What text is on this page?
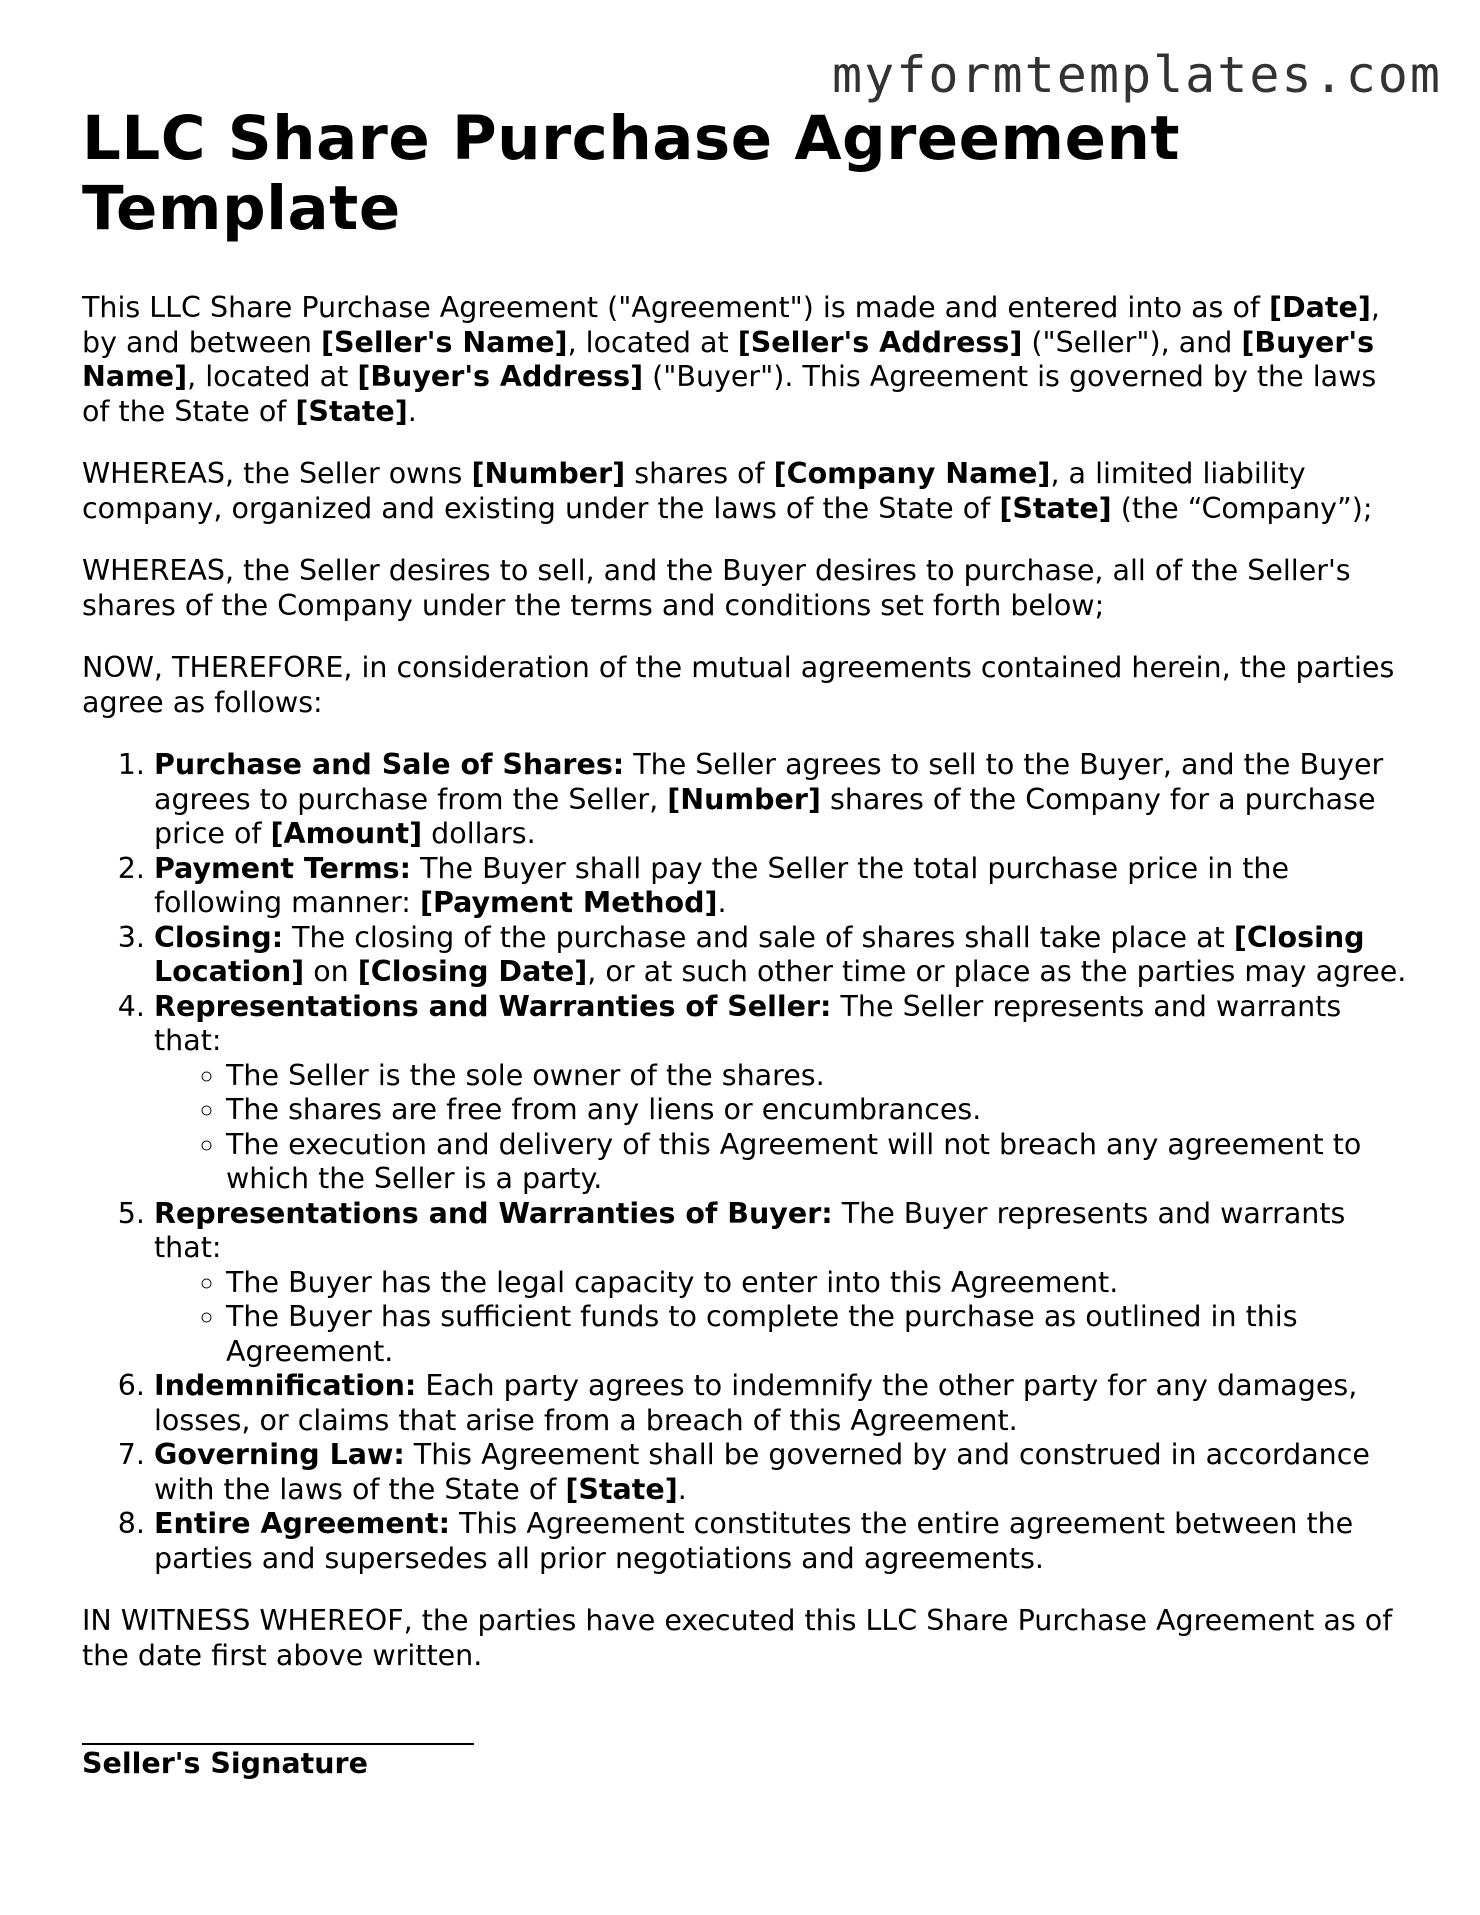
myformtemplates.com
LLC Share Purchase Agreement Template

This LLC Share Purchase Agreement ("Agreement") is made and entered into as of [Date], by and between [Seller's Name], located at [Seller's Address] ("Seller"), and [Buyer's Name], located at [Buyer's Address] ("Buyer"). This Agreement is governed by the laws of the State of [State].

WHEREAS, the Seller owns [Number] shares of [Company Name], a limited liability company, organized and existing under the laws of the State of [State] (the “Company”);

WHEREAS, the Seller desires to sell, and the Buyer desires to purchase, all of the Seller's shares of the Company under the terms and conditions set forth below;

NOW, THEREFORE, in consideration of the mutual agreements contained herein, the parties agree as follows:

1. Purchase and Sale of Shares: The Seller agrees to sell to the Buyer, and the Buyer agrees to purchase from the Seller, [Number] shares of the Company for a purchase price of [Amount] dollars.
2. Payment Terms: The Buyer shall pay the Seller the total purchase price in the following manner: [Payment Method].
3. Closing: The closing of the purchase and sale of shares shall take place at [Closing Location] on [Closing Date], or at such other time or place as the parties may agree.
4. Representations and Warranties of Seller: The Seller represents and warrants that:
◦ The Seller is the sole owner of the shares.
◦ The shares are free from any liens or encumbrances.
◦ The execution and delivery of this Agreement will not breach any agreement to which the Seller is a party.
5. Representations and Warranties of Buyer: The Buyer represents and warrants that:
◦ The Buyer has the legal capacity to enter into this Agreement.
◦ The Buyer has sufficient funds to complete the purchase as outlined in this Agreement.
6. Indemnification: Each party agrees to indemnify the other party for any damages, losses, or claims that arise from a breach of this Agreement.
7. Governing Law: This Agreement shall be governed by and construed in accordance with the laws of the State of [State].
8. Entire Agreement: This Agreement constitutes the entire agreement between the parties and supersedes all prior negotiations and agreements.

IN WITNESS WHEREOF, the parties have executed this LLC Share Purchase Agreement as of the date first above written.

Seller's Signature
